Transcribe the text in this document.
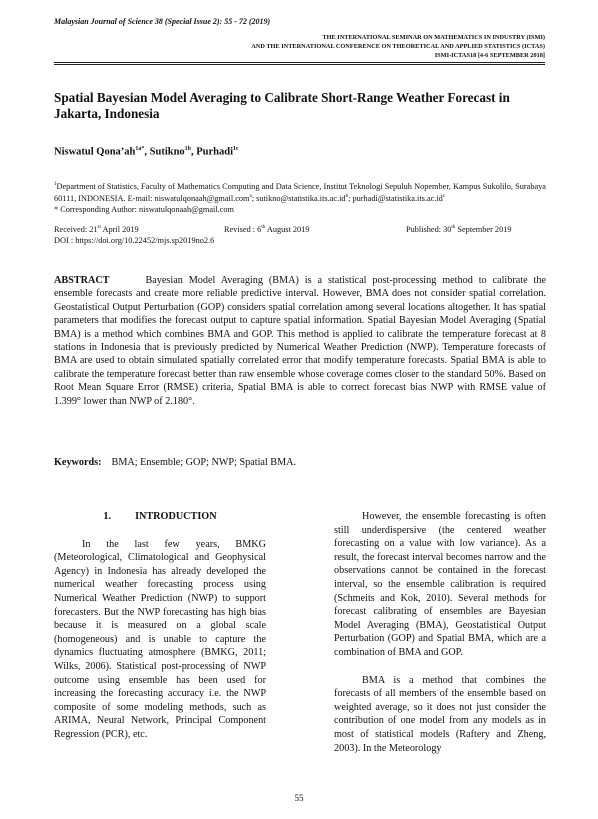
Malaysian Journal of Science 38 (Special Issue 2): 55 - 72 (2019)
THE INTERNATIONAL SEMINAR ON MATHEMATICS IN INDUSTRY (ISMI)
AND THE INTERNATIONAL CONFERENCE ON THEORETICAL AND APPLIED STATISTICS (ICTAS)
ISMI-ICTAS18 [4-6 SEPTEMBER 2018]
Spatial Bayesian Model Averaging to Calibrate Short-Range Weather Forecast in Jakarta, Indonesia
Niswatul $Qona’ah^{1a*}$, Sutikno$^{1b}$, Purhadi$^{1c}$
$^1$Department of Statistics, Faculty of Mathematics Computing and Data Science, Institut Teknologi Sepuluh Nopember, Kampus Sukolilo, Surabaya 60111, INDONESIA. E-mail: niswatulqonaah@gmail.com$^a$; $sutikno@statistika.its.ac.id^b$; $purhadi@statistika.its.ac.id^c$
* Corresponding Author: niswatulqonaah@gmail.com
Received: 21st April 2019	Revised : 6th August 2019	Published: 30th September 2019
DOI : https://doi.org/10.22452/mjs.sp2019no2.6
ABSTRACT	Bayesian Model Averaging (BMA) is a statistical post-processing method to calibrate the ensemble forecasts and create more reliable predictive interval. However, BMA does not consider spatial correlation. Geostatistical Output Perturbation (GOP) considers spatial correlation among several locations altogether. It has spatial parameters that modifies the forecast output to capture spatial information. Spatial Bayesian Model Averaging (Spatial BMA) is a method which combines BMA and GOP. This method is applied to calibrate the temperature forecast at 8 stations in Indonesia that is previously predicted by Numerical Weather Prediction (NWP). Temperature forecasts of BMA are used to obtain simulated spatially correlated error that modify temperature forecasts. Spatial BMA is able to calibrate the temperature forecast better than raw ensemble whose coverage comes closer to the standard 50%. Based on Root Mean Square Error (RMSE) criteria, Spatial BMA is able to correct forecast bias NWP with RMSE value of 1.399° lower than NWP of 2.180°.
Keywords: BMA; Ensemble; GOP; NWP; Spatial BMA.
1. INTRODUCTION

In the last few years, BMKG (Meteorological, Climatological and Geophysical Agency) in Indonesia has already developed the numerical weather forecasting process using Numerical Weather Prediction (NWP) to support forecasters. But the NWP forecasting has high bias because it is measured on a global scale (homogeneous) and is unable to capture the dynamics fluctuating atmosphere (BMKG, 2011; Wilks, 2006). Statistical post-processing of NWP outcome using ensemble has been used for increasing the forecasting accuracy i.e. the NWP composite of some modeling methods, such as ARIMA, Neural Network, Principal Component Regression (PCR), etc.

However, the ensemble forecasting is often still underdispersive (the centered weather forecasting on a value with low variance). As a result, the forecast interval becomes narrow and the observations cannot be contained in the forecast interval, so the ensemble calibration is required (Schmeits and Kok, 2010). Several methods for forecast calibrating of ensembles are Bayesian Model Averaging (BMA), Geostatistical Output Perturbation (GOP) and Spatial BMA, which are a combination of BMA and GOP.

BMA is a method that combines the forecasts of all members of the ensemble based on weighted average, so it does not just consider the contribution of one model from any models as in most of statistical models (Raftery and Zheng, 2003). In the Meteorology

55
